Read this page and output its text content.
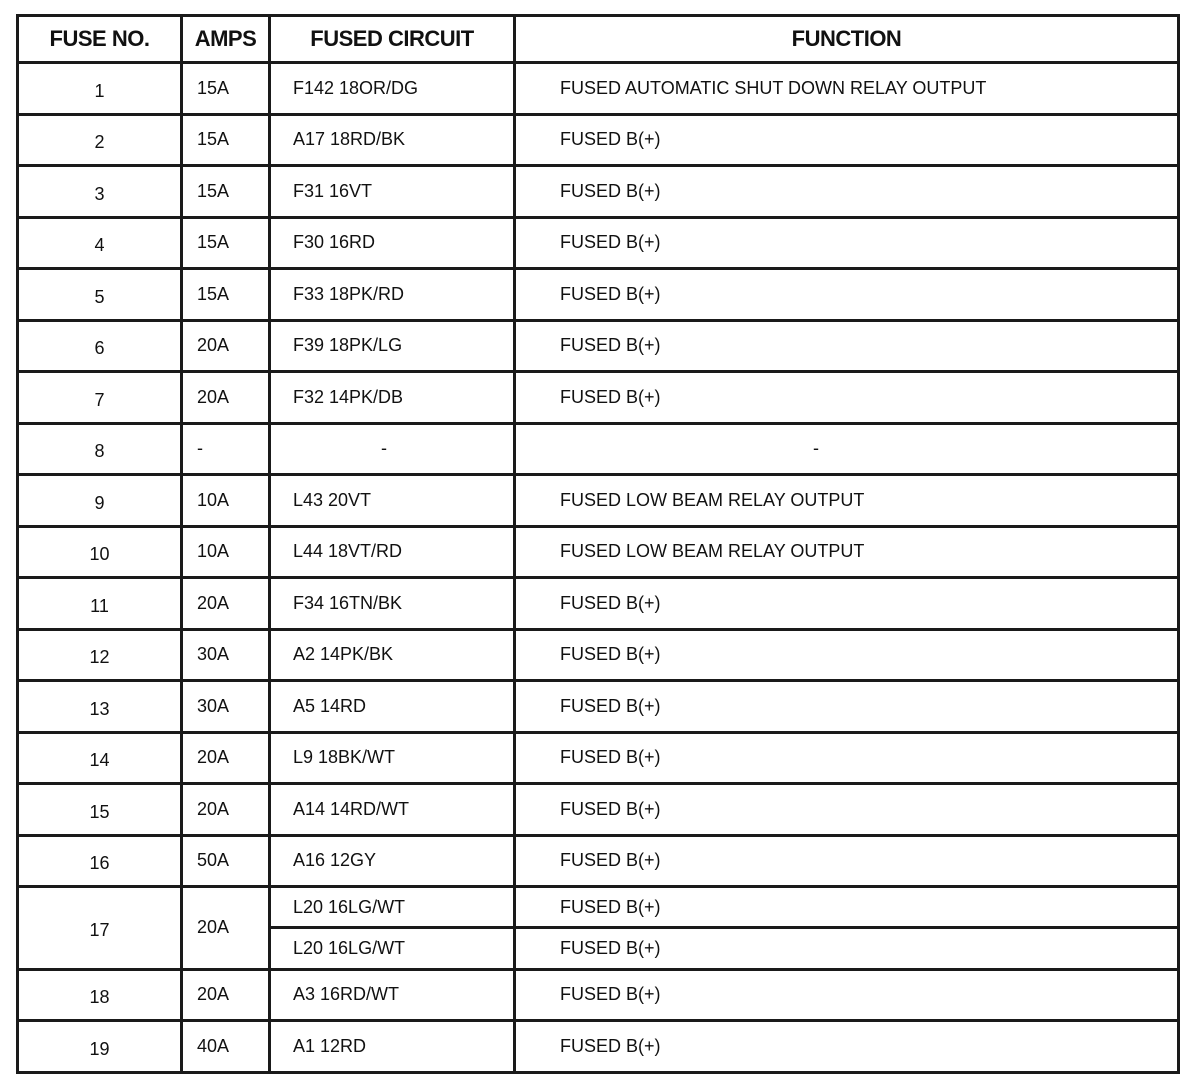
FUSE NO.	AMPS	FUSED CIRCUIT	FUNCTION
1	15A	F142 18OR/DG	FUSED AUTOMATIC SHUT DOWN RELAY OUTPUT
2	15A	A17 18RD/BK	FUSED B(+)
3	15A	F31 16VT	FUSED B(+)
4	15A	F30 16RD	FUSED B(+)
5	15A	F33 18PK/RD	FUSED B(+)
6	20A	F39 18PK/LG	FUSED B(+)
7	20A	F32 14PK/DB	FUSED B(+)
8	-	-	-
9	10A	L43 20VT	FUSED LOW BEAM RELAY OUTPUT
10	10A	L44 18VT/RD	FUSED LOW BEAM RELAY OUTPUT
11	20A	F34 16TN/BK	FUSED B(+)
12	30A	A2 14PK/BK	FUSED B(+)
13	30A	A5 14RD	FUSED B(+)
14	20A	L9 18BK/WT	FUSED B(+)
15	20A	A14 14RD/WT	FUSED B(+)
16	50A	A16 12GY	FUSED B(+)
17	20A	L20 16LG/WT	FUSED B(+)
		L20 16LG/WT	FUSED B(+)
18	20A	A3 16RD/WT	FUSED B(+)
19	40A	A1 12RD	FUSED B(+)
